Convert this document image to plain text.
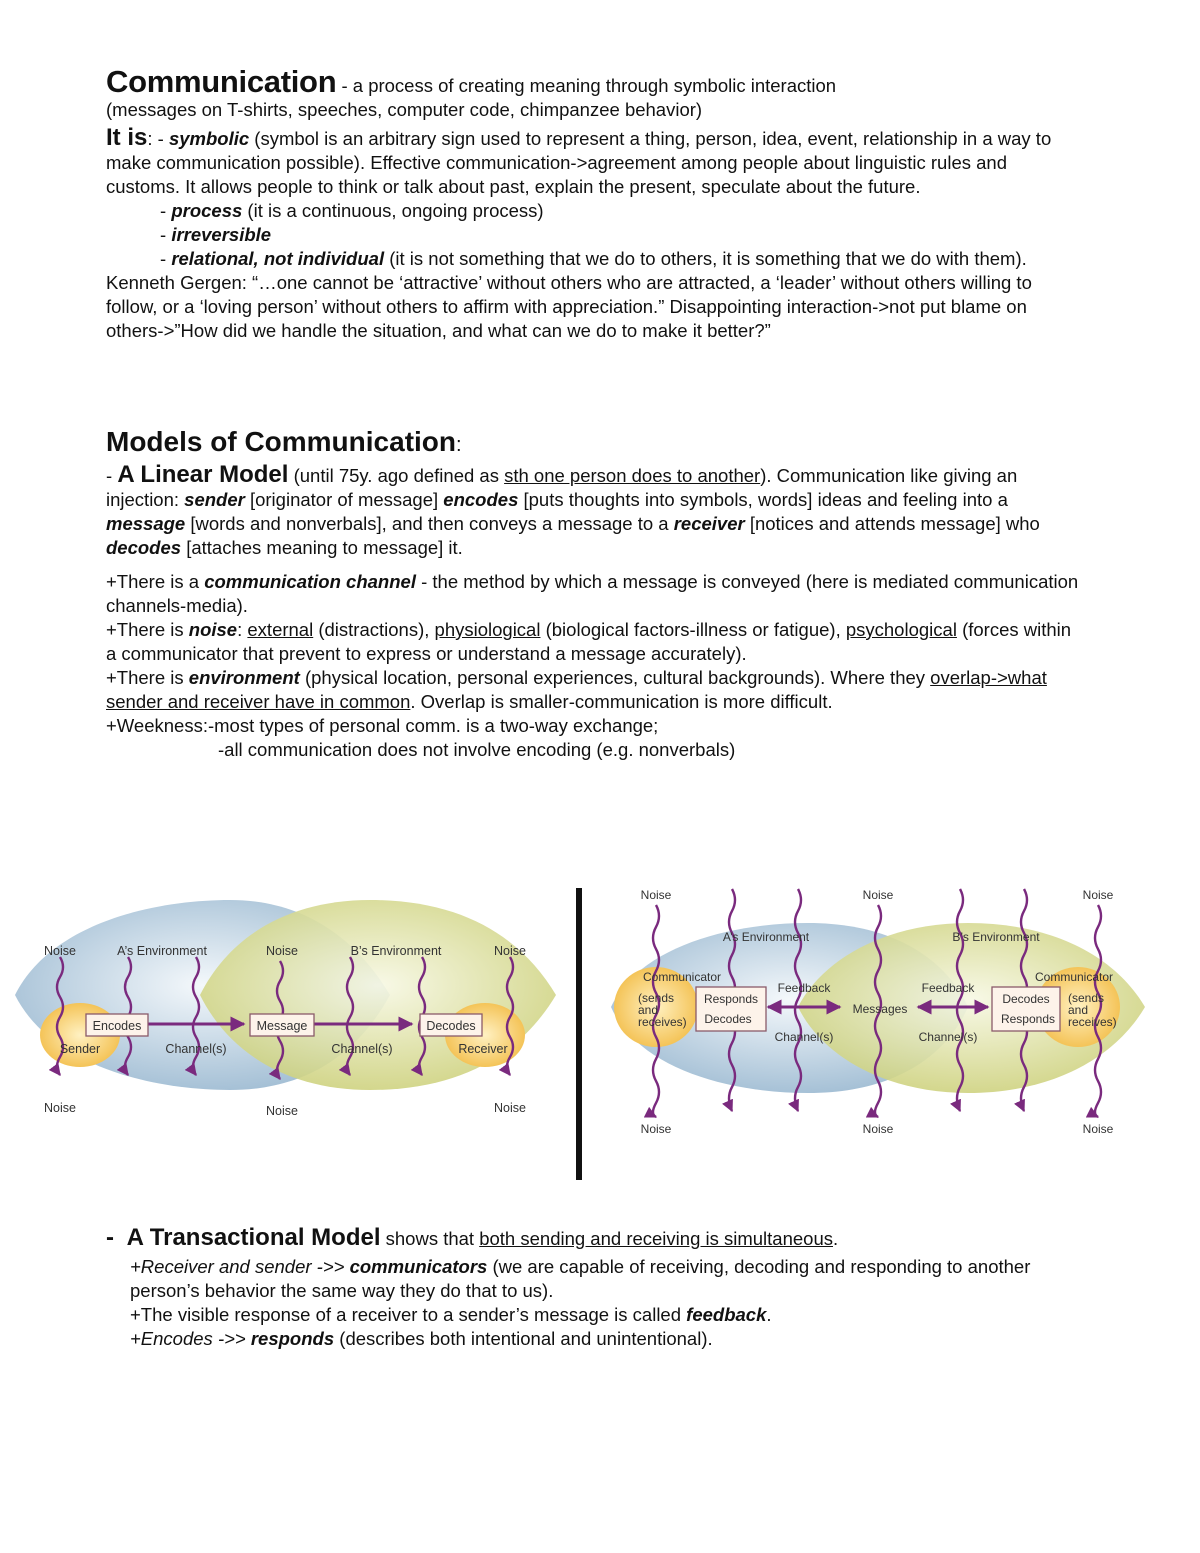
Communication - a process of creating meaning through symbolic interaction
(messages on T-shirts, speeches, computer code, chimpanzee behavior)
It is: - symbolic (symbol is an arbitrary sign used to represent a thing, person, idea, event, relationship in a way to make communication possible). Effective communication->agreement among people about linguistic rules and customs. It allows people to think or talk about past, explain the present, speculate about the future.
- process (it is a continuous, ongoing process)
- irreversible
- relational, not individual (it is not something that we do to others, it is something that we do with them). Kenneth Gergen: “…one cannot be ‘attractive’ without others who are attracted, a ‘leader’ without others willing to follow, or a ‘loving person’ without others to affirm with appreciation.” Disappointing interaction->not put blame on others->”How did we handle the situation, and what can we do to make it better?”
Models of Communication:
- A Linear Model (until 75y. ago defined as sth one person does to another). Communication like giving an injection: sender [originator of message] encodes [puts thoughts into symbols, words] ideas and feeling into a message [words and nonverbals], and then conveys a message to a receiver [notices and attends message] who decodes [attaches meaning to message] it.
+There is a communication channel - the method by which a message is conveyed (here is mediated communication channels-media).
+There is noise: external (distractions), physiological (biological factors-illness or fatigue), psychological (forces within a communicator that prevent to express or understand a message accurately).
+There is environment (physical location, personal experiences, cultural backgrounds). Where they overlap->what sender and receiver have in common. Overlap is smaller-communication is more difficult.
+Weekness:-most types of personal comm. is a two-way exchange;
-all communication does not involve encoding (e.g. nonverbals)
Encodes	Message	Decodes
Noise	A’s Environment	Noise	B’s Environment	Noise
Sender	Channel(s)	Channel(s)	Receiver
Noise	Noise	Noise
Noise	Noise	Noise
A’s Environment	B’s Environment
Communicator	Communicator
(sends
and
receives)
(sends
and
receives)
Responds
Decodes
Decodes
Responds
Feedback	Feedback
Messages
Channel(s)	Channel(s)
Noise	Noise	Noise
- A Transactional Model shows that both sending and receiving is simultaneous.
+Receiver and sender ->> communicators (we are capable of receiving, decoding and responding to another person’s behavior the same way they do that to us).
+The visible response of a receiver to a sender’s message is called feedback.
+Encodes ->> responds (describes both intentional and unintentional).
